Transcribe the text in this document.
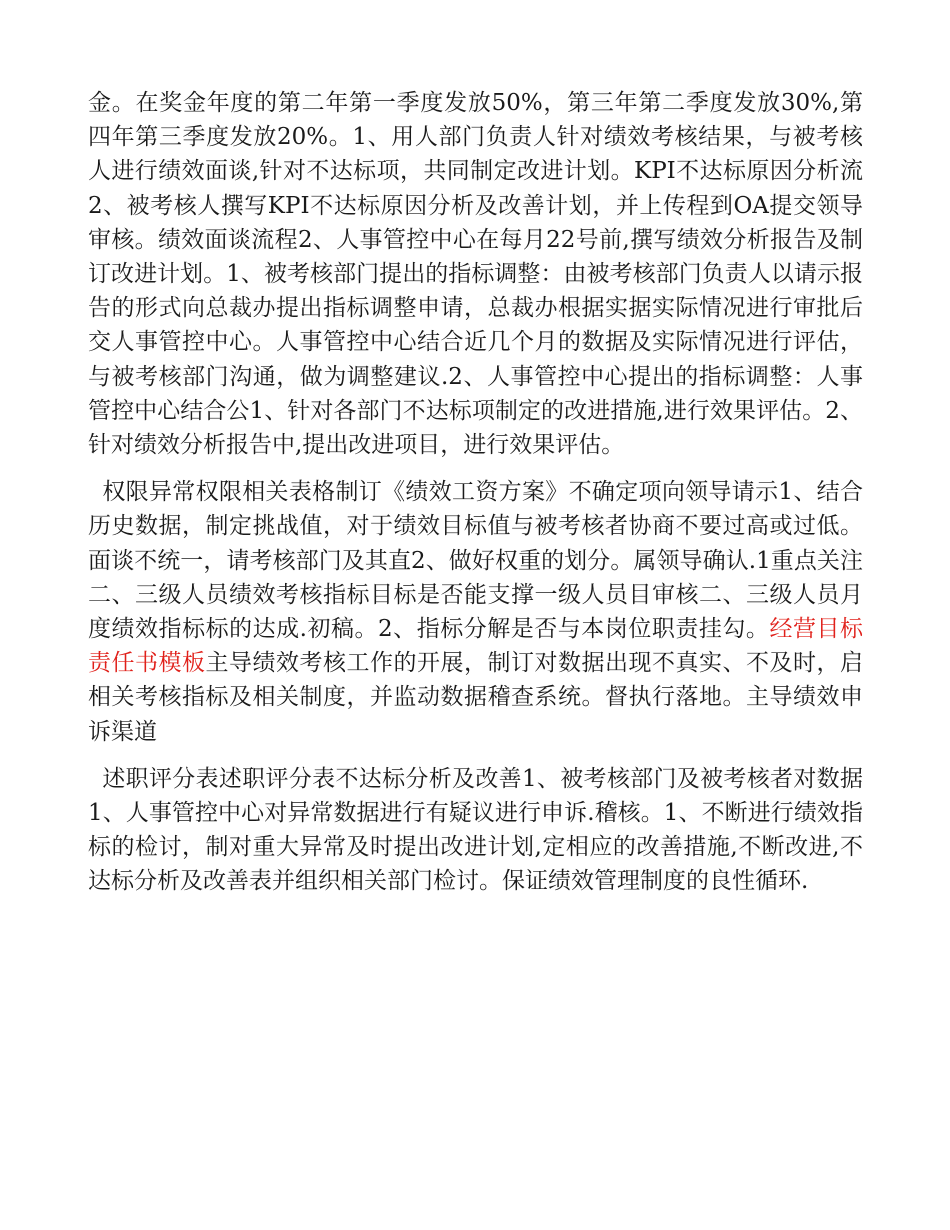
金。在奖金年度的第二年第一季度发放50%，第三年第二季度发放30%,第四年第三季度发放20%。1、用人部门负责人针对绩效考核结果，与被考核人进行绩效面谈,针对不达标项，共同制定改进计划。KPI不达标原因分析流2、被考核人撰写KPI不达标原因分析及改善计划，并上传程到OA提交领导审核。绩效面谈流程2、人事管控中心在每月22号前,撰写绩效分析报告及制订改进计划。1、被考核部门提出的指标调整：由被考核部门负责人以请示报告的形式向总裁办提出指标调整申请，总裁办根据实据实际情况进行审批后交人事管控中心。人事管控中心结合近几个月的数据及实际情况进行评估，与被考核部门沟通，做为调整建议.2、人事管控中心提出的指标调整：人事管控中心结合公1、针对各部门不达标项制定的改进措施,进行效果评估。2、针对绩效分析报告中,提出改进项目，进行效果评估。

权限异常权限相关表格制订《绩效工资方案》不确定项向领导请示1、结合历史数据，制定挑战值，对于绩效目标值与被考核者协商不要过高或过低。面谈不统一，请考核部门及其直2、做好权重的划分。属领导确认.1重点关注二、三级人员绩效考核指标目标是否能支撑一级人员目审核二、三级人员月度绩效指标标的达成.初稿。2、指标分解是否与本岗位职责挂勾。经营目标责任书模板主导绩效考核工作的开展，制订对数据出现不真实、不及时，启相关考核指标及相关制度，并监动数据稽查系统。督执行落地。主导绩效申诉渠道

述职评分表述职评分表不达标分析及改善1、被考核部门及被考核者对数据1、人事管控中心对异常数据进行有疑议进行申诉.稽核。1、不断进行绩效指标的检讨，制对重大异常及时提出改进计划,定相应的改善措施,不断改进,不达标分析及改善表并组织相关部门检讨。保证绩效管理制度的良性循环.
